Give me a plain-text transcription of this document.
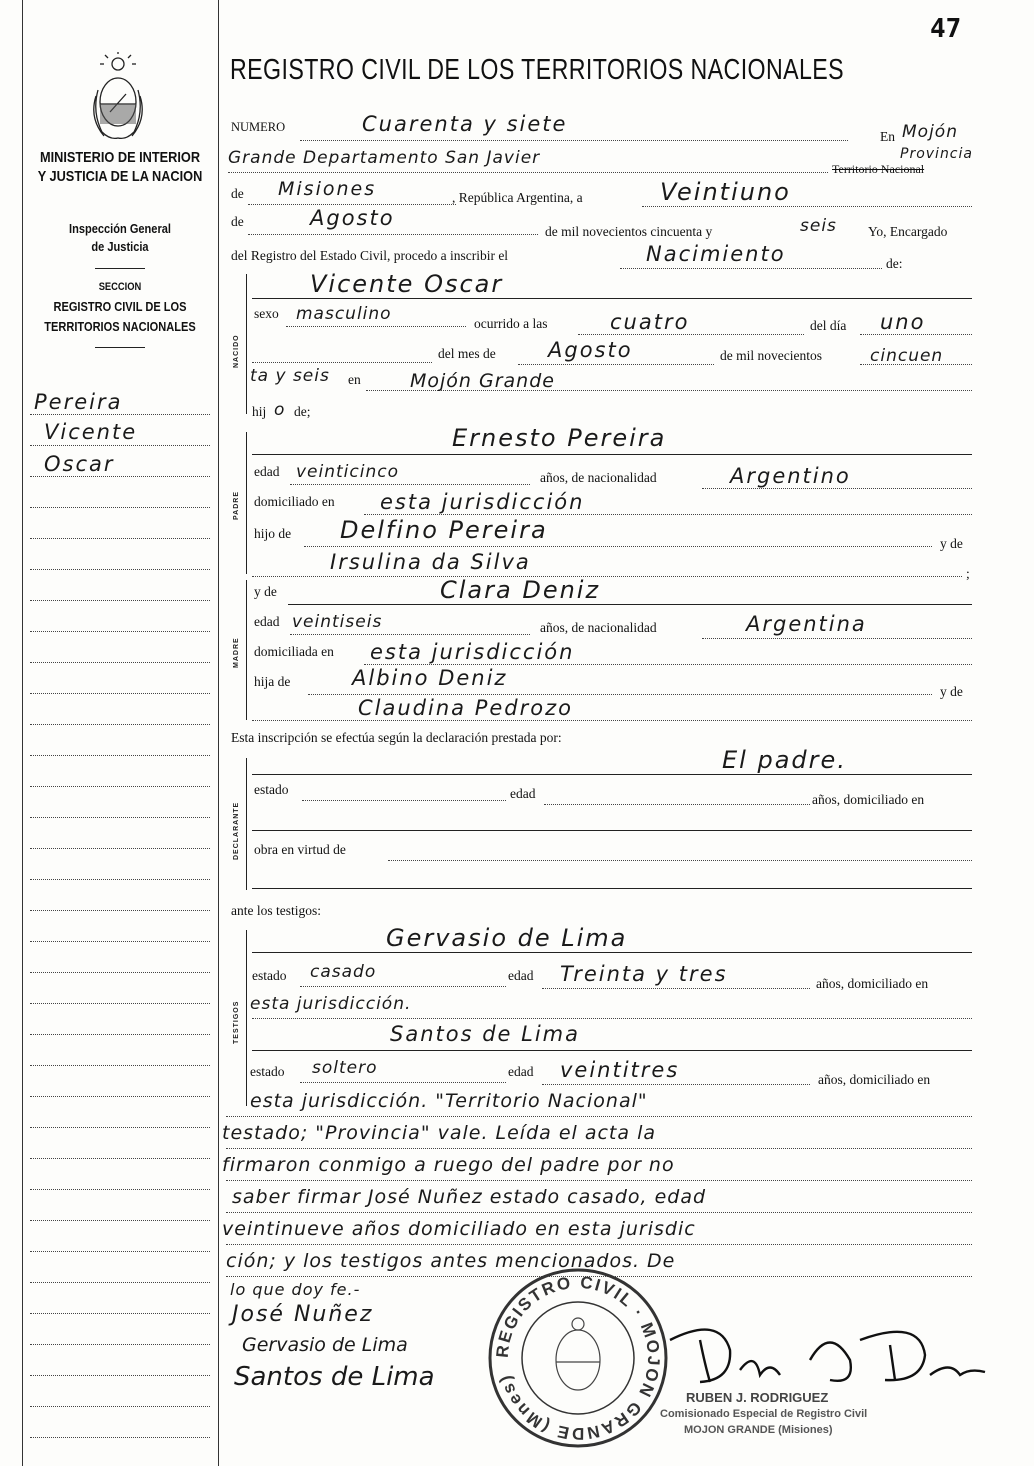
47
MINISTERIO DE INTERIOR
Y JUSTICIA DE LA NACION
Inspección General
de Justicia
SECCION
REGISTRO CIVIL DE LOS
TERRITORIOS NACIONALES
Pereira
Vicente
Oscar
REGISTRO CIVIL DE LOS TERRITORIOS NACIONALES
NUMERO	Cuarenta y siete
En Mojón
Grande Departamento San Javier
Territorio Nacional
Provincia
de Misiones	, República Argentina, a	Veintiuno
de	Agosto
de mil novecientos cincuenta y	seis Yo, Encargado
del Registro del Estado Civil, procedo a inscribir el	Nacimiento	de:
NACIDO
Vicente Oscar
sexo masculino	ocurrido a las	cuatro	del día uno
del mes de Agosto	de mil novecientos	cincuen
ta y seis en	Mojón Grande
hij o de;
PADRE
Ernesto Pereira
edad veinticinco	años, de nacionalidad	Argentino
domiciliado en esta jurisdicción
hijo de Delfino Pereira	y de
Irsulina da Silva	;
y de
MADRE
Clara Deniz
edad veintiseis	años, de nacionalidad	Argentina
domiciliada en esta jurisdicción
hija de	Albino Deniz
y de
Claudina Pedrozo
Esta inscripción se efectúa según la declaración prestada por:
El padre.
DECLARANTE
estado	edad	años, domiciliado en
obra en virtud de
ante los testigos:
TESTIGOS
Gervasio de Lima
estado casado	edad Treinta y tres	años, domiciliado en
esta jurisdicción.
Santos de Lima
estado soltero	edad veintitres	años, domiciliado en
esta jurisdicción. "Territorio Nacional"
testado; "Provincia" vale. Leída el acta la
firmaron conmigo a ruego del padre por no
saber firmar José Nuñez estado casado, edad
veintinueve años domiciliado en esta jurisdic
ción; y los testigos antes mencionados. De
lo que doy fe.-
José Nuñez
Gervasio de Lima
Santos de Lima
REGISTRO CIVIL · MOJON GRANDE (Mnes)
RUBEN J. RODRIGUEZ
Comisionado Especial de Registro Civil
MOJON GRANDE (Misiones)
